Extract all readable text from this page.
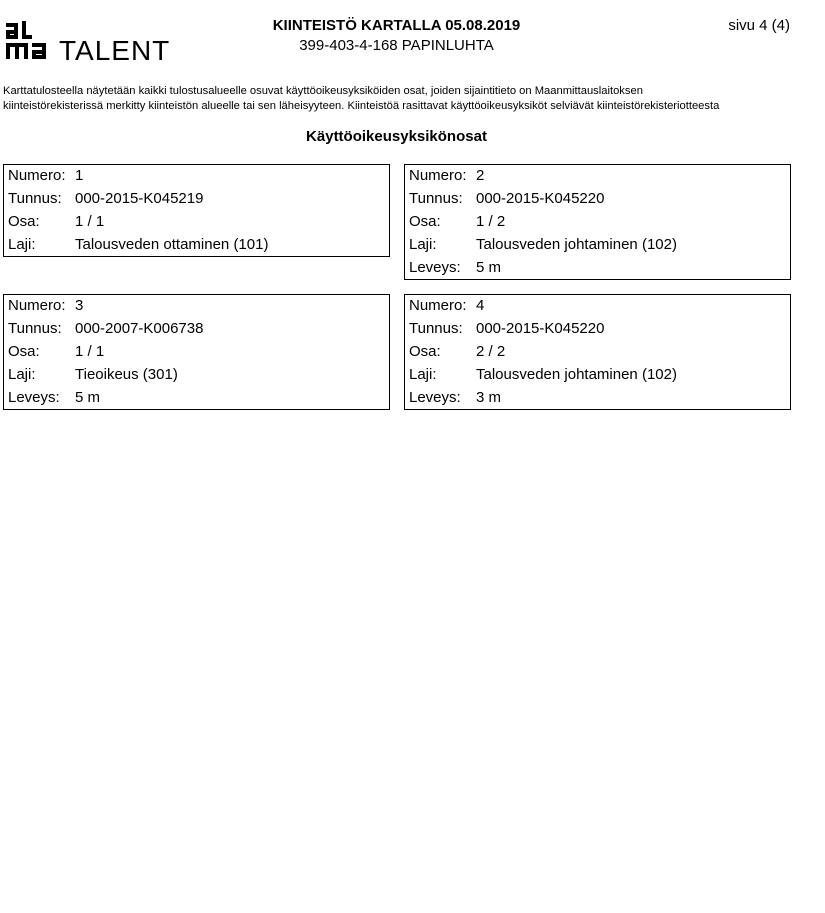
TALENT
KIINTEISTÖ KARTALLA 05.08.2019
399-403-4-168 PAPINLUHTA
sivu 4 (4)
Karttatulosteella näytetään kaikki tulostusalueelle osuvat käyttöoikeusyksiköiden osat, joiden sijaintitieto on Maanmittauslaitoksen
kiinteistörekisterissä merkitty kiinteistön alueelle tai sen läheisyyteen. Kiinteistöä rasittavat käyttöoikeusyksiköt selviävät kiinteistörekisteriotteesta
Käyttöoikeusyksikönosat
Numero: 1
Tunnus: 000-2015-K045219
Osa: 1 / 1
Laji:	Talousveden ottaminen (101)
Numero: 2
Tunnus: 000-2015-K045220
Osa: 1 / 2
Laji:	Talousveden johtaminen (102)
Leveys: 5 m
Numero: 3
Tunnus: 000-2007-K006738
Osa: 1 / 1
Laji:	Tieoikeus (301)
Leveys: 5 m
Numero: 4
Tunnus: 000-2015-K045220
Osa: 2 / 2
Laji:	Talousveden johtaminen (102)
Leveys: 3 m
